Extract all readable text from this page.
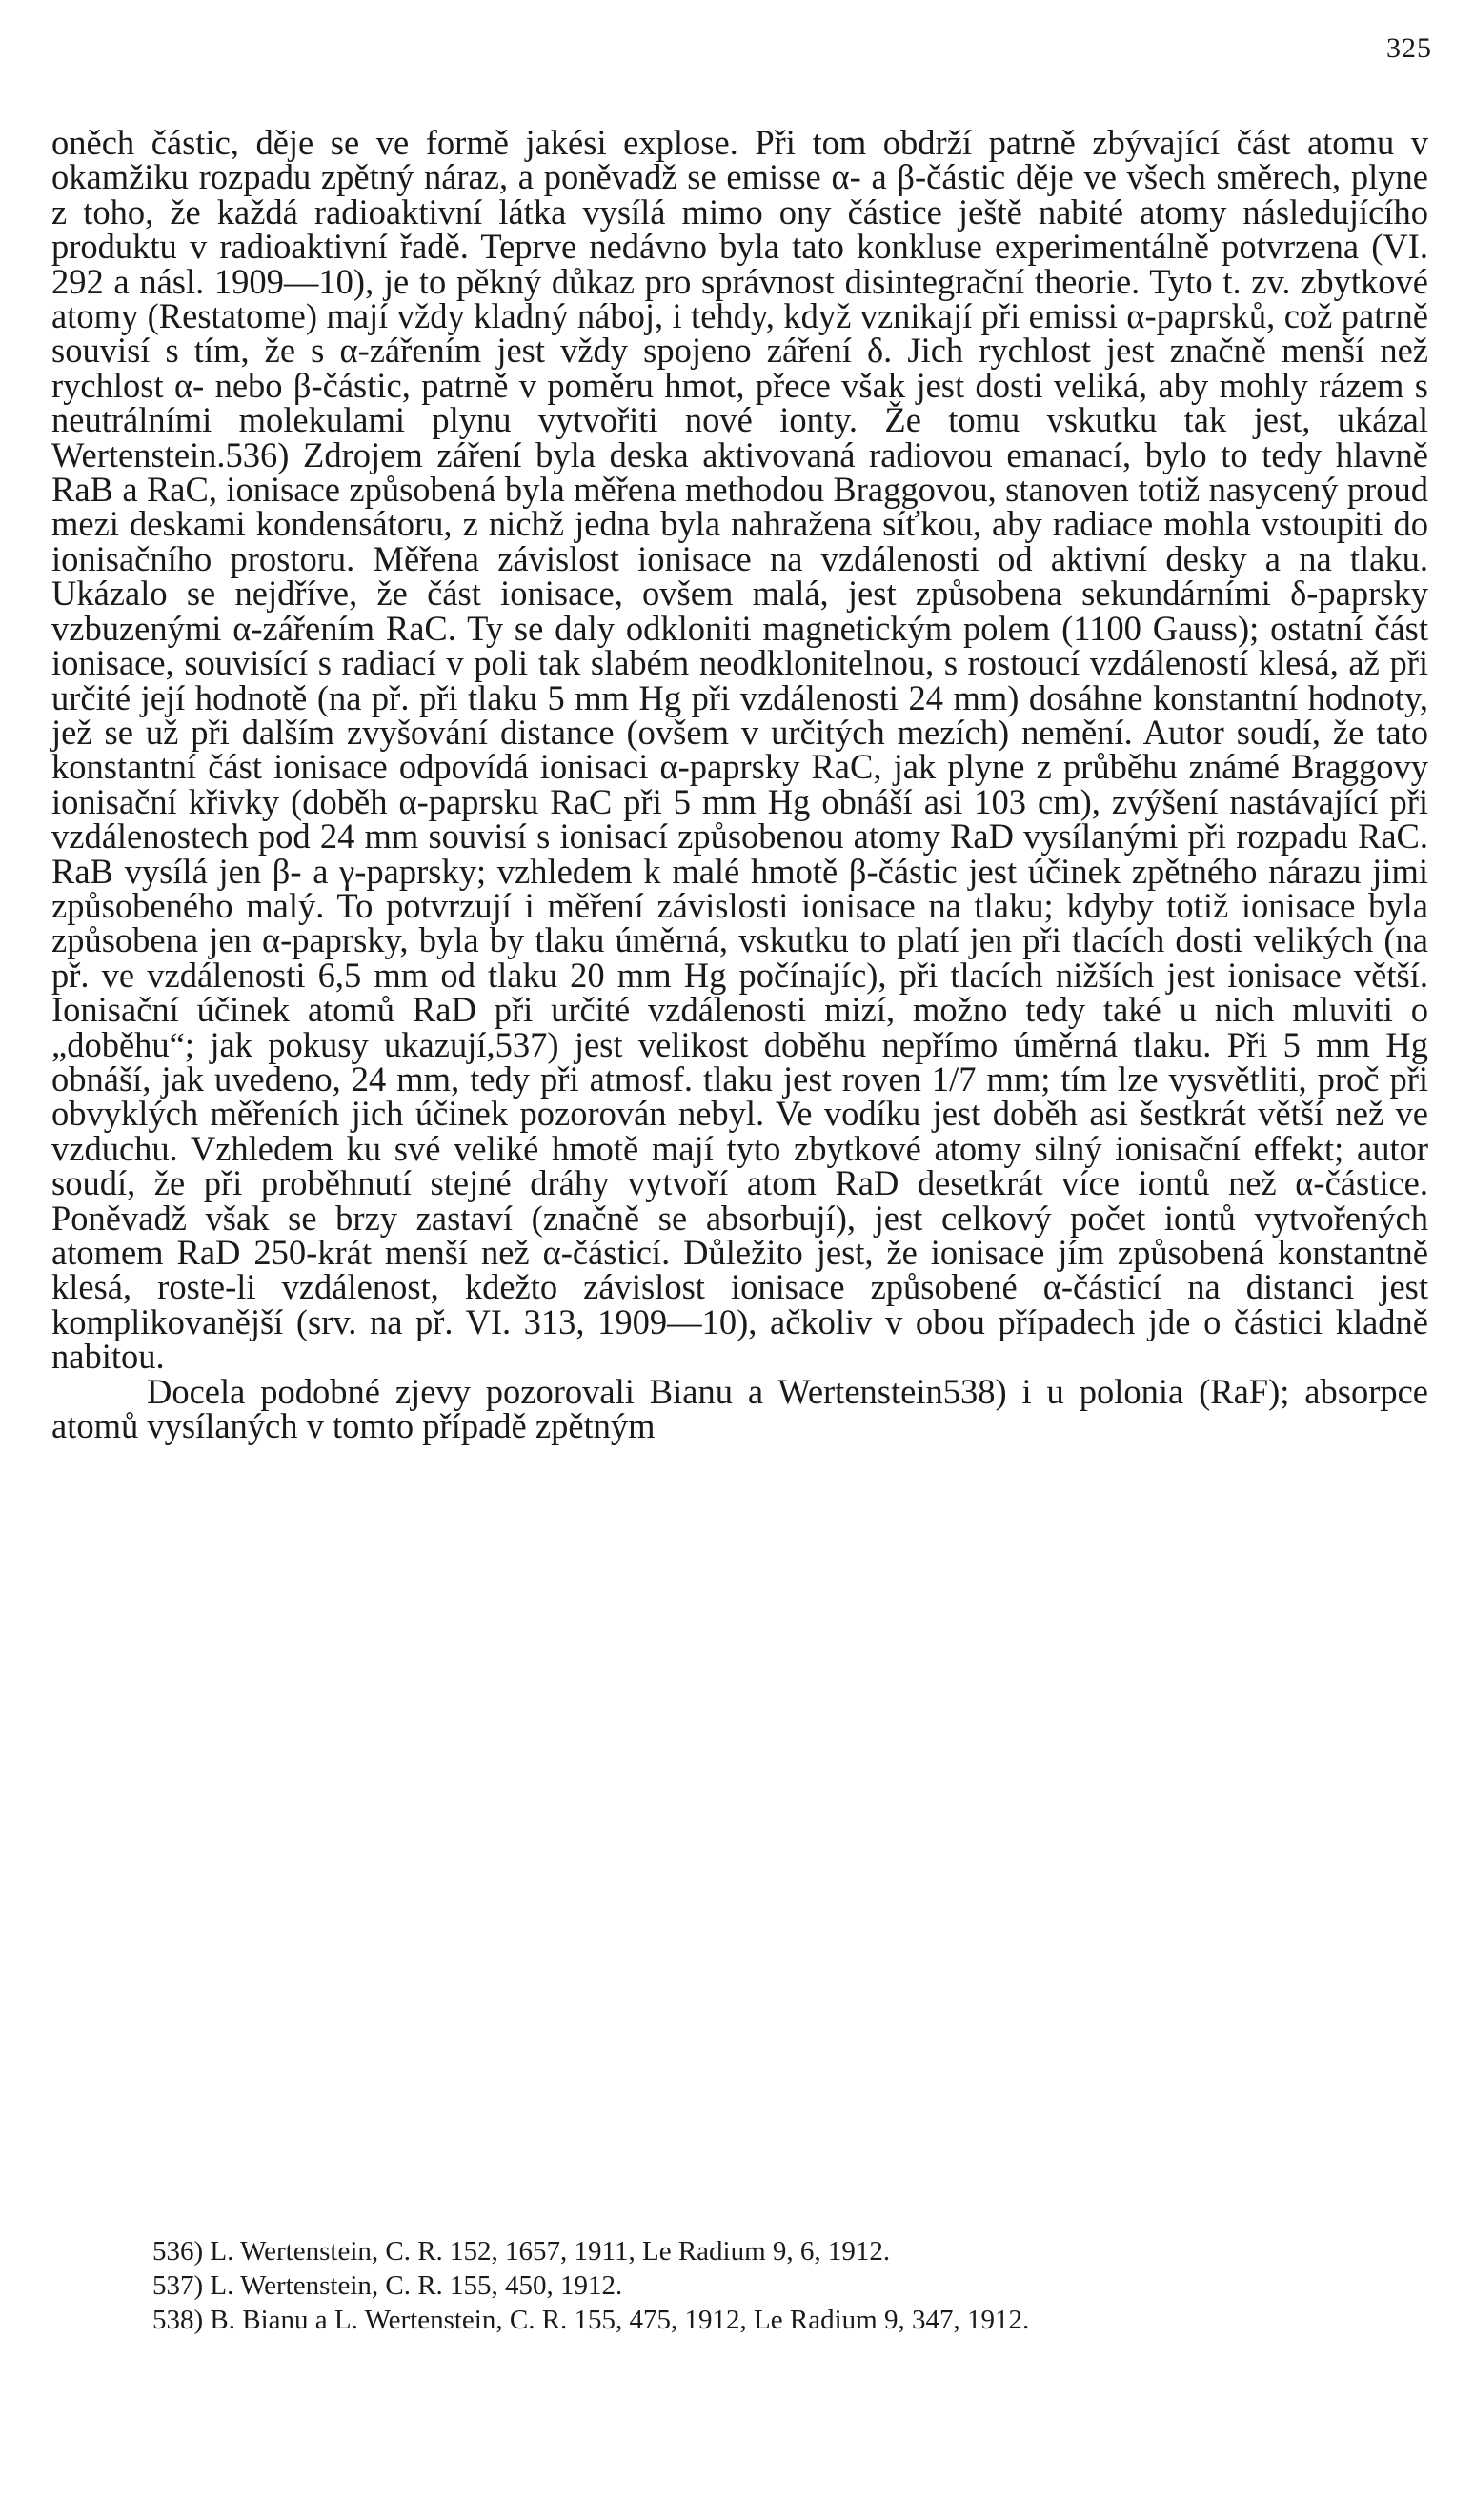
325

oněch částic, děje se ve formě jakési explose. Při tom obdrží patrně zbývající část atomu v okamžiku rozpadu zpětný náraz, a poněvadž se emisse α- a β-částic děje ve všech směrech, plyne z toho, že každá radioaktivní látka vysílá mimo ony částice ještě nabité atomy následujícího produktu v radioaktivní řadě. Teprve nedávno byla tato konkluse experimentálně potvrzena (VI. 292 a násl. 1909—10), je to pěkný důkaz pro správnost disintegrační theorie. Tyto t. zv. zbytkové atomy (Restatome) mají vždy kladný náboj, i tehdy, když vznikají při emissi α-paprsků, což patrně souvisí s tím, že s α-zářením jest vždy spojeno záření δ. Jich rychlost jest značně menší než rychlost α- nebo β-částic, patrně v poměru hmot, přece však jest dosti veliká, aby mohly rázem s neutrálními molekulami plynu vytvořiti nové ionty. Že tomu vskutku tak jest, ukázal Wertenstein.536) Zdrojem záření byla deska aktivovaná radiovou emanací, bylo to tedy hlavně RaB a RaC, ionisace způsobená byla měřena methodou Braggovou, stanoven totiž nasycený proud mezi deskami kondensátoru, z nichž jedna byla nahražena síťkou, aby radiace mohla vstoupiti do ionisačního prostoru. Měřena závislost ionisace na vzdálenosti od aktivní desky a na tlaku. Ukázalo se nejdříve, že část ionisace, ovšem malá, jest způsobena sekundárními δ-paprsky vzbuzenými α-zářením RaC. Ty se daly odkloniti magnetickým polem (1100 Gauss); ostatní část ionisace, souvisící s radiací v poli tak slabém neodklonitelnou, s rostoucí vzdáleností klesá, až při určité její hodnotě (na př. při tlaku 5 mm Hg při vzdálenosti 24 mm) dosáhne konstantní hodnoty, jež se už při dalším zvyšování distance (ovšem v určitých mezích) nemění. Autor soudí, že tato konstantní část ionisace odpovídá ionisaci α-paprsky RaC, jak plyne z průběhu známé Braggovy ionisační křivky (doběh α-paprsku RaC při 5 mm Hg obnáší asi 103 cm), zvýšení nastávající při vzdálenostech pod 24 mm souvisí s ionisací způsobenou atomy RaD vysílanými při rozpadu RaC. RaB vysílá jen β- a γ-paprsky; vzhledem k malé hmotě β-částic jest účinek zpětného nárazu jimi způsobeného malý. To potvrzují i měření závislosti ionisace na tlaku; kdyby totiž ionisace byla způsobena jen α-paprsky, byla by tlaku úměrná, vskutku to platí jen při tlacích dosti velikých (na př. ve vzdálenosti 6,5 mm od tlaku 20 mm Hg počínajíc), při tlacích nižších jest ionisace větší. Ionisační účinek atomů RaD při určité vzdálenosti mizí, možno tedy také u nich mluviti o „doběhu“; jak pokusy ukazují,537) jest velikost doběhu nepřímo úměrná tlaku. Při 5 mm Hg obnáší, jak uvedeno, 24 mm, tedy při atmosf. tlaku jest roven 1/7 mm; tím lze vysvětliti, proč při obvyklých měřeních jich účinek pozorován nebyl. Ve vodíku jest doběh asi šestkrát větší než ve vzduchu. Vzhledem ku své veliké hmotě mají tyto zbytkové atomy silný ionisační effekt; autor soudí, že při proběhnutí stejné dráhy vytvoří atom RaD desetkrát více iontů než α-částice. Poněvadž však se brzy zastaví (značně se absorbují), jest celkový počet iontů vytvořených atomem RaD 250-krát menší než α-částicí. Důležito jest, že ionisace jím způsobená konstantně klesá, roste-li vzdálenost, kdežto závislost ionisace způsobené α-částicí na distanci jest komplikovanější (srv. na př. VI. 313, 1909—10), ačkoliv v obou případech jde o částici kladně nabitou.

Docela podobné zjevy pozorovali Bianu a Wertenstein538) i u polonia (RaF); absorpce atomů vysílaných v tomto případě zpětným

536) L. Wertenstein, C. R. 152, 1657, 1911, Le Radium 9, 6, 1912.
537) L. Wertenstein, C. R. 155, 450, 1912.
538) B. Bianu a L. Wertenstein, C. R. 155, 475, 1912, Le Radium 9, 347, 1912.
